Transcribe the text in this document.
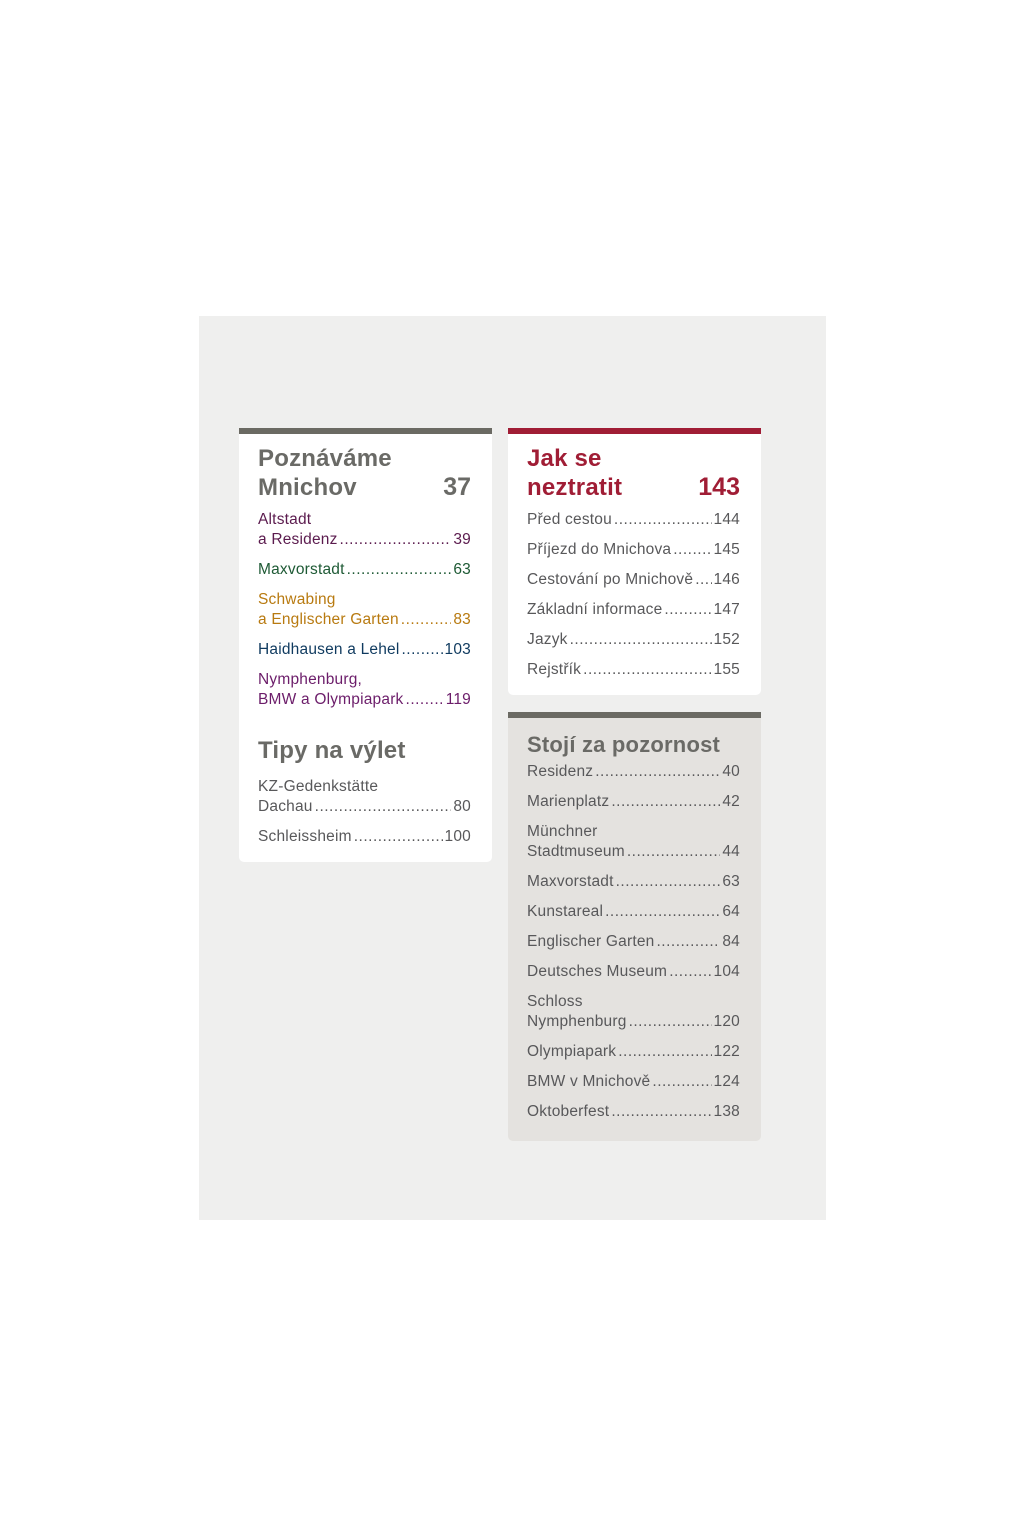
Poznáváme
Mnichov	37
Altstadt
a Residenz .....	39
Maxvorstadt .....	63
Schwabing
a Englischer Garten .....	83
Haidhausen a Lehel .....	103
Nymphenburg,
BMW a Olympiapark .....	119
Tipy na výlet
KZ-Gedenkstätte
Dachau .....	80
Schleissheim .....	100
Jak se
neztratit	143
Před cestou .....	144
Příjezd do Mnichova .....	145
Cestování po Mnichově ..... 146
Základní informace .....	147
Jazyk .....	152
Rejstřík .....	155
Stojí za pozornost
Residenz .....	40
Marienplatz .....	42
Münchner
Stadtmuseum .....	44
Maxvorstadt .....	63
Kunstareal .....	64
Englischer Garten .....	84
Deutsches Museum .....	104
Schloss
Nymphenburg .....	120
Olympiapark .....	122
BMW v Mnichově .....	124
Oktoberfest .....	138
